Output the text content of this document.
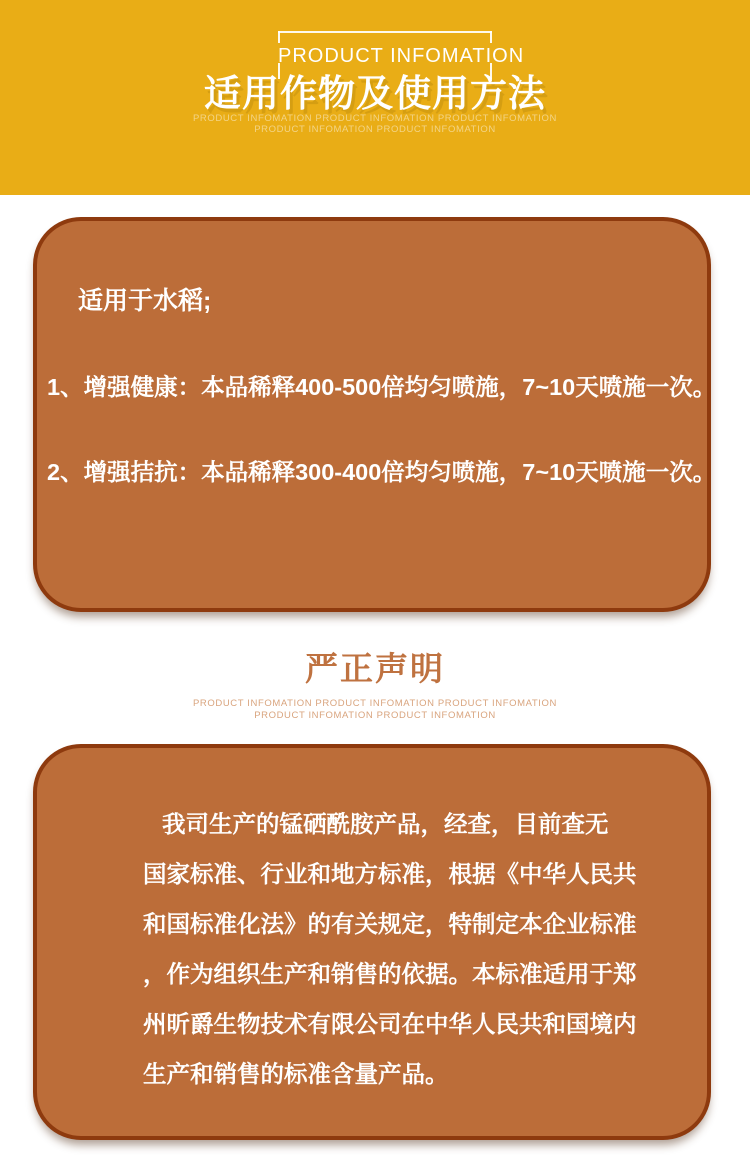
PRODUCT INFOMATION
适用作物及使用方法
PRODUCT INFOMATION PRODUCT INFOMATION PRODUCT INFOMATION
PRODUCT INFOMATION PRODUCT INFOMATION
适用于水稻;
1、增强健康：本品稀释400-500倍均匀喷施，7~10天喷施一次。
2、增强拮抗：本品稀释300-400倍均匀喷施，7~10天喷施一次。
严正声明
PRODUCT INFOMATION PRODUCT INFOMATION PRODUCT INFOMATION
PRODUCT INFOMATION PRODUCT INFOMATION
我司生产的锰硒酰胺产品，经查，目前查无
国家标准、行业和地方标准，根据《中华人民共
和国标准化法》的有关规定，特制定本企业标准
，作为组织生产和销售的依据。本标准适用于郑
州昕爵生物技术有限公司在中华人民共和国境内
生产和销售的标准含量产品。
